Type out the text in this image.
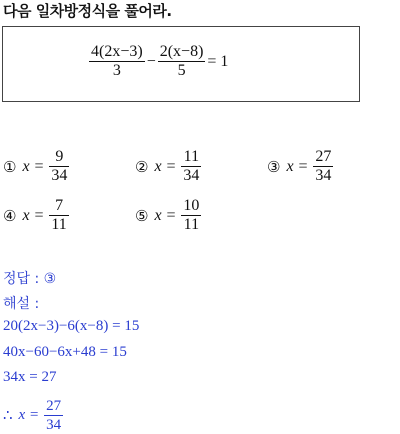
다음 일차방정식을 풀어라.
$\frac{4(2x-3)}{3} - \frac{2(x-8)}{5} = 1$
① $x = \frac{9}{34}$	② $x = \frac{11}{34}$	③ $x = \frac{27}{34}$
④ $x = \frac{7}{11}$	⑤ $x = \frac{10}{11}$
정답 : ③
해설 :
20(2x−3)−6(x−8) = 15
40x−60−6x+48 = 15
34x = 27
∴ $x = \frac{27}{34}$
